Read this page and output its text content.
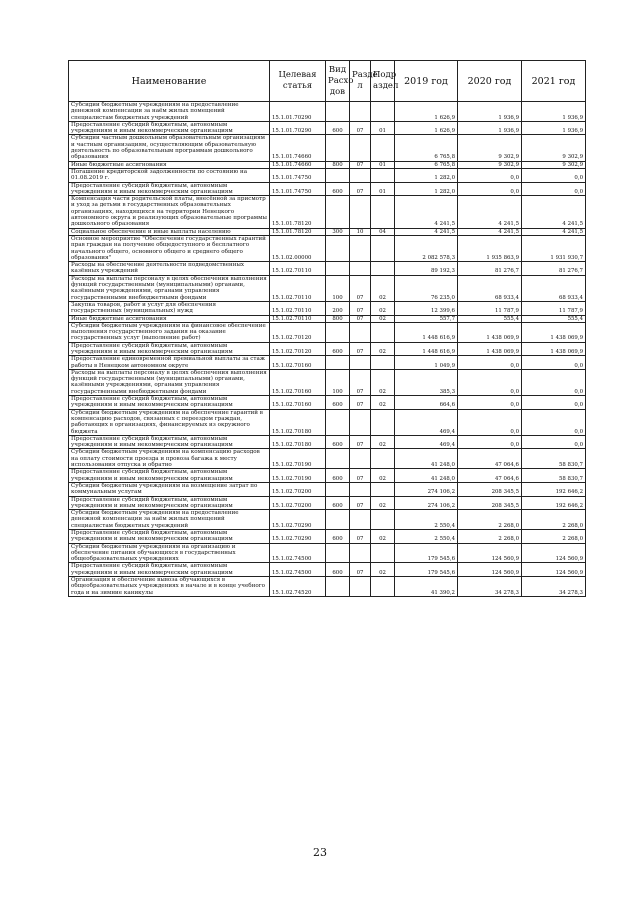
Наименование	Целевая статья	Вид Расхо дов	Разде л	Подр аздел	2019 год	2020 год	2021 год
Субсидии бюджетным учреждениям на предоставление денежной компенсации за наём жилых помещений специалистам бюджетных учреждений	15.1.01.70290				1 626,9	1 936,9	1 936,9
Предоставление субсидий бюджетным, автономным учреждениям и иным некоммерческим организациям	15.1.01.70290	600	07	01	1 626,9	1 936,9	1 936,9
Субсидии частным дошкольным образовательным организациям и частным организациям, осуществляющим образовательную деятельность по образовательным программам дошкольного образования	15.1.01.74660				6 765,8	9 302,9	9 302,9
Иные бюджетные ассигнования	15.1.01.74660	800	07	01	6 765,8	9 302,9	9 302,9
Погашение кредиторской задолженности по состоянию на 01.08.2019 г.	15.1.01.74750				1 282,0	0,0	0,0
Предоставление субсидий бюджетным, автономным учреждениям и иным некоммерческим организациям	15.1.01.74750	600	07	01	1 282,0	0,0	0,0
Компенсация части родительской платы, внесённой за присмотр и уход за детьми в государственных образовательных организациях, находящихся на территории Ненецкого автономного округа и реализующих образовательные программы дошкольного образования	15.1.01.78120				4 241,5	4 241,5	4 241,5
Социальное обеспечение и иные выплаты населению	15.1.01.78120	300	10	04	4 241,5	4 241,5	4 241,5
Основное мероприятие "Обеспечение государственных гарантий прав граждан на получение общедоступного и бесплатного начального общего, основного общего и среднего общего образования"	15.1.02.00000				2 082 578,3	1 935 863,9	1 931 930,7
Расходы на обеспечение деятельности подведомственных казённых учреждений	15.1.02.70110				89 192,3	81 276,7	81 276,7
Расходы на выплаты персоналу в целях обеспечения выполнения функций государственными (муниципальными) органами, казёнными учреждениями, органами управления государственными внебюджетными фондами	15.1.02.70110	100	07	02	76 235,0	68 933,4	68 933,4
Закупка товаров, работ и услуг для обеспечения государственных (муниципальных) нужд	15.1.02.70110	200	07	02	12 399,6	11 787,9	11 787,9
Иные бюджетные ассигнования	15.1.02.70110	800	07	02	557,7	555,4	555,4
Субсидии бюджетным учреждениям на финансовое обеспечение выполнения государственного задания на оказание государственных услуг (выполнение работ)	15.1.02.70120				1 448 616,9	1 438 069,9	1 438 069,9
Предоставление субсидий бюджетным, автономным учреждениям и иным некоммерческим организациям	15.1.02.70120	600	07	02	1 448 616,9	1 438 069,9	1 438 069,9
Предоставление единовременной премиальной выплаты за стаж работы в Ненецком автономном округе	15.1.02.70160				1 049,9	0,0	0,0
Расходы на выплаты персоналу в целях обеспечения выполнения функций государственными (муниципальными) органами, казёнными учреждениями, органами управления государственными внебюджетными фондами	15.1.02.70160	100	07	02	385,3	0,0	0,0
Предоставление субсидий бюджетным, автономным учреждениям и иным некоммерческим организациям	15.1.02.70160	600	07	02	664,6	0,0	0,0
Субсидии бюджетным учреждениям на обеспечение гарантий в компенсацию расходов, связанных с переездом граждан, работающих в организациях, финансируемых из окружного бюджета	15.1.02.70180				469,4	0,0	0,0
Предоставление субсидий бюджетным, автономным учреждениям и иным некоммерческим организациям	15.1.02.70180	600	07	02	469,4	0,0	0,0
Субсидии бюджетным учреждениям на компенсацию расходов на оплату стоимости проезда и провоза багажа к месту использования отпуска и обратно	15.1.02.70190				41 248,0	47 064,6	58 830,7
Предоставление субсидий бюджетным, автономным учреждениям и иным некоммерческим организациям	15.1.02.70190	600	07	02	41 248,0	47 064,6	58 830,7
Субсидии бюджетным учреждениям на возмещение затрат по коммунальным услугам	15.1.02.70200				274 106,2	208 345,5	192 646,2
Предоставление субсидий бюджетным, автономным учреждениям и иным некоммерческим организациям	15.1.02.70200	600	07	02	274 106,2	208 345,5	192 646,2
Субсидии бюджетным учреждениям на предоставление денежной компенсации за наём жилых помещений специалистам бюджетных учреждений	15.1.02.70290				2 550,4	2 268,0	2 268,0
Предоставление субсидий бюджетным, автономным учреждениям и иным некоммерческим организациям	15.1.02.70290	600	07	02	2 550,4	2 268,0	2 268,0
Субсидии бюджетным учреждениям на организацию и обеспечение питания обучающихся в государственных общеобразовательных учреждениях	15.1.02.74500				179 545,6	124 560,9	124 560,9
Предоставление субсидий бюджетным, автономным учреждениям и иным некоммерческим организациям	15.1.02.74500	600	07	02	179 545,6	124 560,9	124 560,9
Организация и обеспечение вывоза обучающихся в общеобразовательных учреждениях в начале и в конце учебного года и на зимние каникулы	15.1.02.74520				41 390,2	34 278,3	34 278,3
23
